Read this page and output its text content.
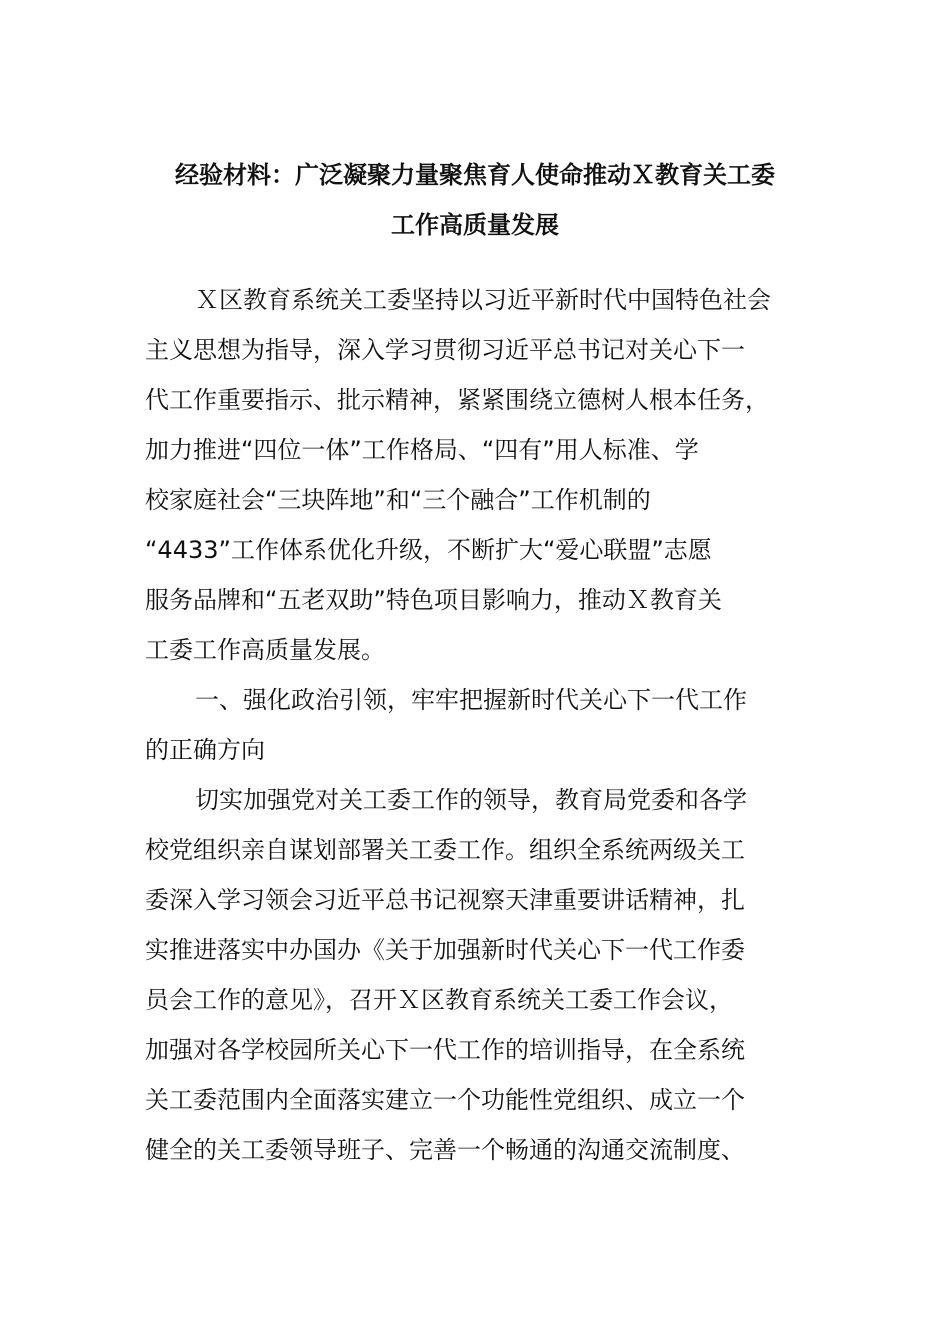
经验材料：广泛凝聚力量聚焦育人使命推动Ｘ教育关工委
工作高质量发展
Ｘ区教育系统关工委坚持以习近平新时代中国特色社会
主义思想为指导，深入学习贯彻习近平总书记对关心下一
代工作重要指示、批示精神，紧紧围绕立德树人根本任务，
加力推进“四位一体”工作格局、“四有”用人标准、学
校家庭社会“三块阵地”和“三个融合”工作机制的
“4433”工作体系优化升级，不断扩大“爱心联盟”志愿
服务品牌和“五老双助”特色项目影响力，推动Ｘ教育关
工委工作高质量发展。
一、强化政治引领，牢牢把握新时代关心下一代工作
的正确方向
切实加强党对关工委工作的领导，教育局党委和各学
校党组织亲自谋划部署关工委工作。组织全系统两级关工
委深入学习领会习近平总书记视察天津重要讲话精神，扎
实推进落实中办国办《关于加强新时代关心下一代工作委
员会工作的意见》，召开Ｘ区教育系统关工委工作会议，
加强对各学校园所关心下一代工作的培训指导，在全系统
关工委范围内全面落实建立一个功能性党组织、成立一个
健全的关工委领导班子、完善一个畅通的沟通交流制度、
